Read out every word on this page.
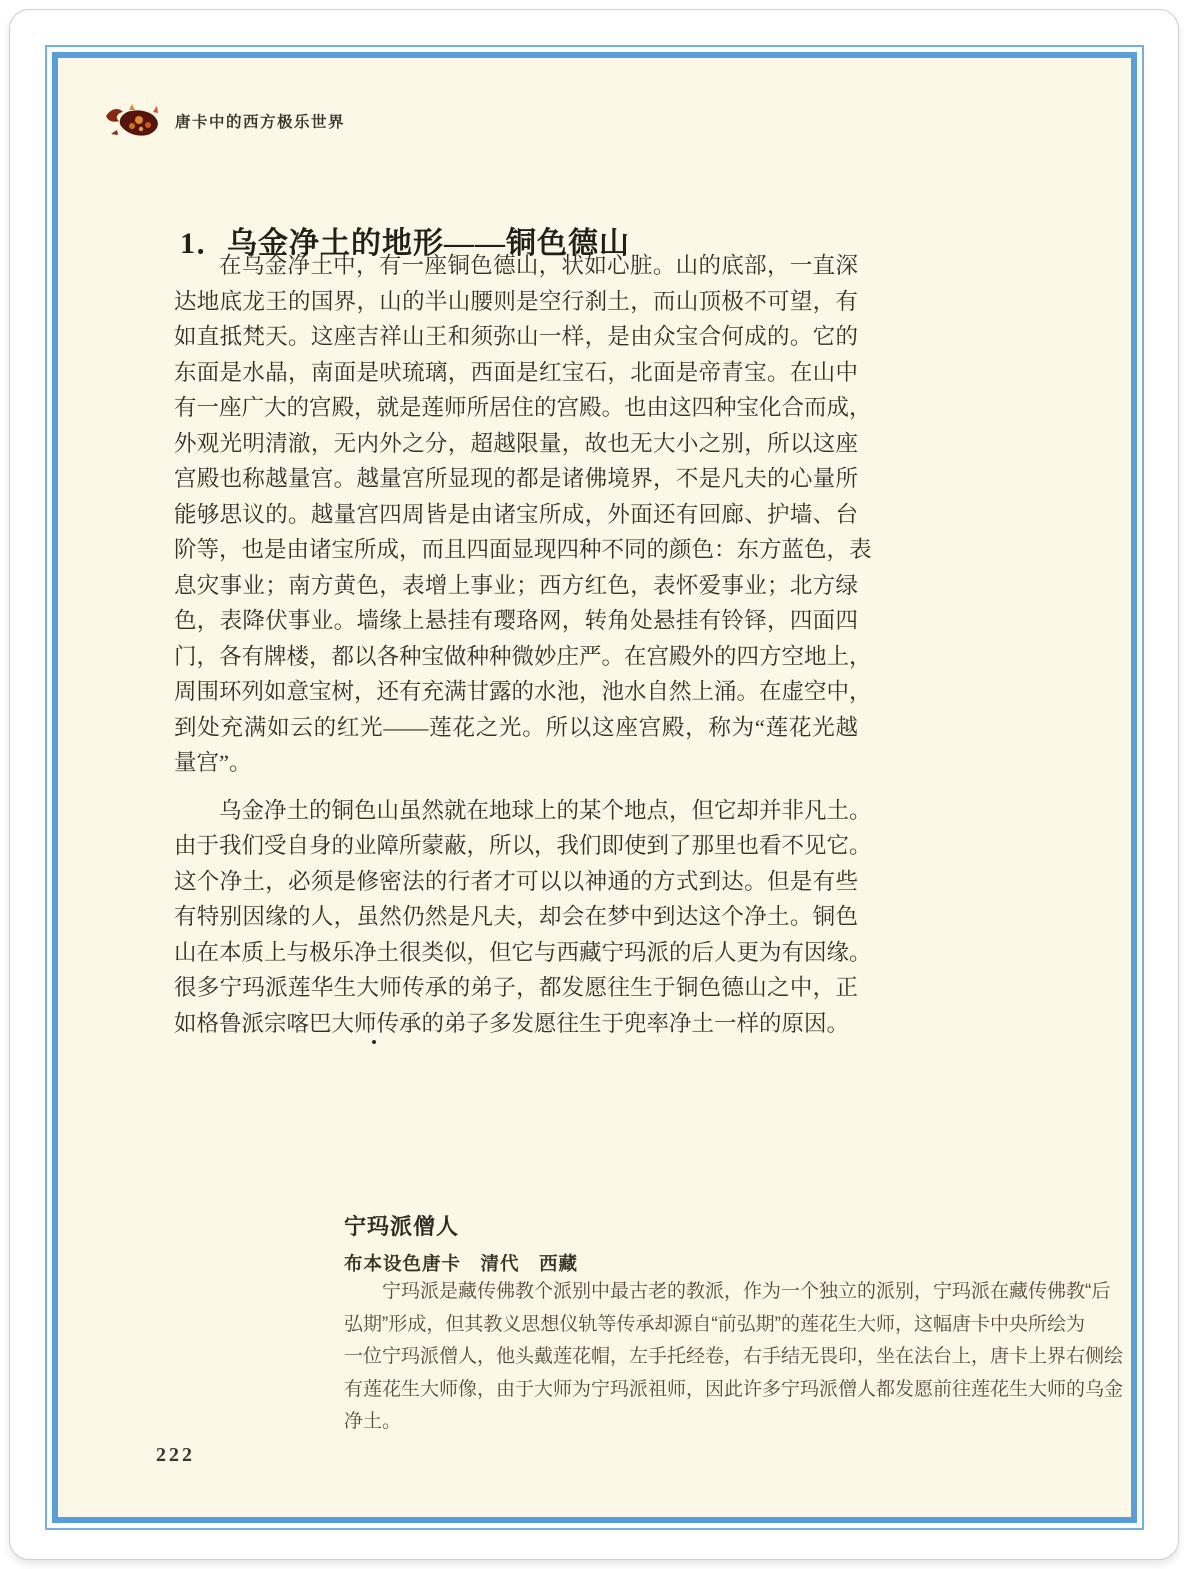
唐卡中的西方极乐世界
1．乌金净土的地形——铜色德山
在乌金净土中，有一座铜色德山，状如心脏。山的底部，一直深
达地底龙王的国界，山的半山腰则是空行刹土，而山顶极不可望，有
如直抵梵天。这座吉祥山王和须弥山一样，是由众宝合何成的。它的
东面是水晶，南面是吠琉璃，西面是红宝石，北面是帝青宝。在山中
有一座广大的宫殿，就是莲师所居住的宫殿。也由这四种宝化合而成，
外观光明清澈，无内外之分，超越限量，故也无大小之别，所以这座
宫殿也称越量宫。越量宫所显现的都是诸佛境界，不是凡夫的心量所
能够思议的。越量宫四周皆是由诸宝所成，外面还有回廊、护墙、台
阶等，也是由诸宝所成，而且四面显现四种不同的颜色：东方蓝色，表
息灾事业；南方黄色，表增上事业；西方红色，表怀爱事业；北方绿
色，表降伏事业。墙缘上悬挂有璎珞网，转角处悬挂有铃铎，四面四
门，各有牌楼，都以各种宝做种种微妙庄严。在宫殿外的四方空地上，
周围环列如意宝树，还有充满甘露的水池，池水自然上涌。在虚空中，
到处充满如云的红光——莲花之光。所以这座宫殿，称为“莲花光越
量宫”。
乌金净土的铜色山虽然就在地球上的某个地点，但它却并非凡土。
由于我们受自身的业障所蒙蔽，所以，我们即使到了那里也看不见它。
这个净土，必须是修密法的行者才可以以神通的方式到达。但是有些
有特别因缘的人，虽然仍然是凡夫，却会在梦中到达这个净土。铜色
山在本质上与极乐净土很类似，但它与西藏宁玛派的后人更为有因缘。
很多宁玛派莲华生大师传承的弟子，都发愿往生于铜色德山之中，正
如格鲁派宗喀巴大师传承的弟子多发愿往生于兜率净土一样的原因。
宁玛派僧人
布本设色唐卡　清代　西藏
宁玛派是藏传佛教个派别中最古老的教派，作为一个独立的派别，宁玛派在藏传佛教“后
弘期”形成，但其教义思想仪轨等传承却源自“前弘期”的莲花生大师，这幅唐卡中央所绘为
一位宁玛派僧人，他头戴莲花帽，左手托经卷，右手结无畏印，坐在法台上，唐卡上界右侧绘
有莲花生大师像，由于大师为宁玛派祖师，因此许多宁玛派僧人都发愿前往莲花生大师的乌金
净土。
222
